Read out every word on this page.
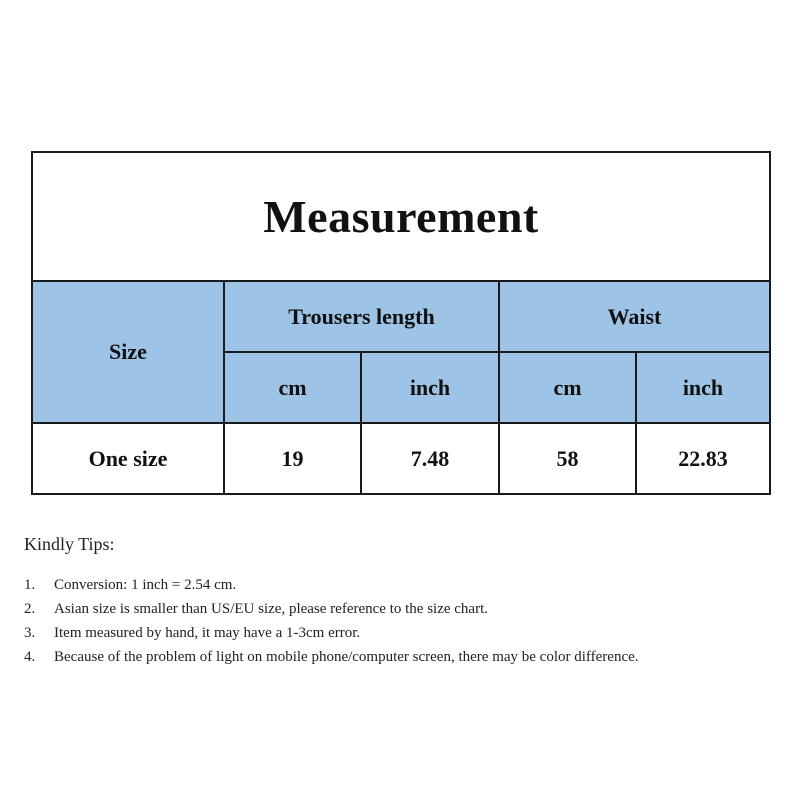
Measurement
Size
Trousers length	Waist
cm	inch	cm	inch
One size	19	7.48	58	22.83
Kindly Tips:
1.	Conversion: 1 inch = 2.54 cm.
2.	Asian size is smaller than US/EU size, please reference to the size chart.
3.	Item measured by hand, it may have a 1-3cm error.
4.	Because of the problem of light on mobile phone/computer screen, there may be color difference.
